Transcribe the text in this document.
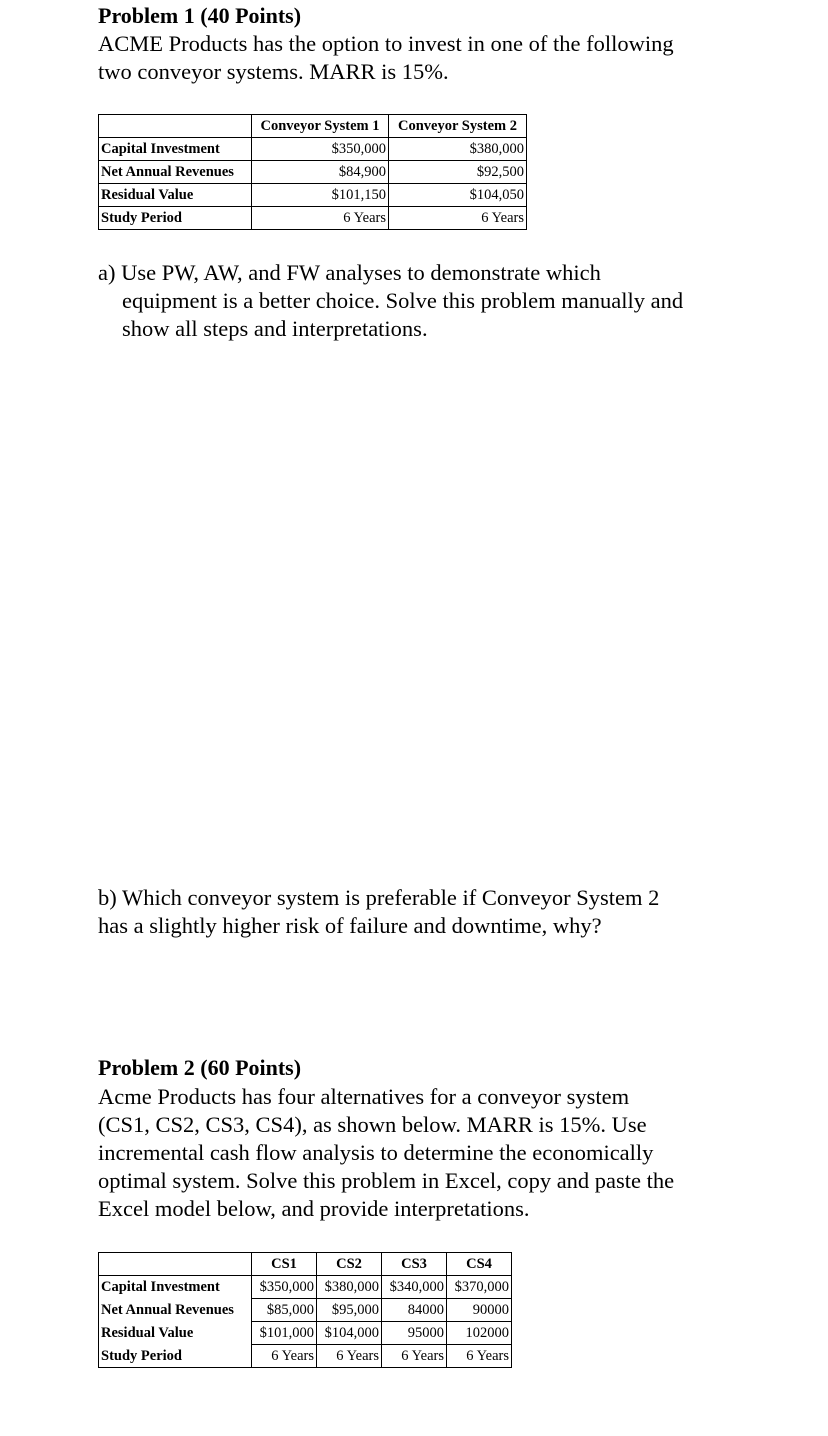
Problem 1 (40 Points)
ACME Products has the option to invest in one of the following
two conveyor systems. MARR is 15%.
	Conveyor System 1	Conveyor System 2
Capital Investment	$350,000	$380,000
Net Annual Revenues	$84,900	$92,500
Residual Value	$101,150	$104,050
Study Period	6 Years	6 Years
a) Use PW, AW, and FW analyses to demonstrate which
equipment is a better choice. Solve this problem manually and
show all steps and interpretations.
b) Which conveyor system is preferable if Conveyor System 2
has a slightly higher risk of failure and downtime, why?
Problem 2 (60 Points)
Acme Products has four alternatives for a conveyor system
(CS1, CS2, CS3, CS4), as shown below. MARR is 15%. Use
incremental cash flow analysis to determine the economically
optimal system. Solve this problem in Excel, copy and paste the
Excel model below, and provide interpretations.
	CS1	CS2	CS3	CS4
Capital Investment	$350,000	$380,000	$340,000	$370,000
Net Annual Revenues	$85,000	$95,000	84000	90000
Residual Value	$101,000	$104,000	95000	102000
Study Period	6 Years	6 Years	6 Years	6 Years
